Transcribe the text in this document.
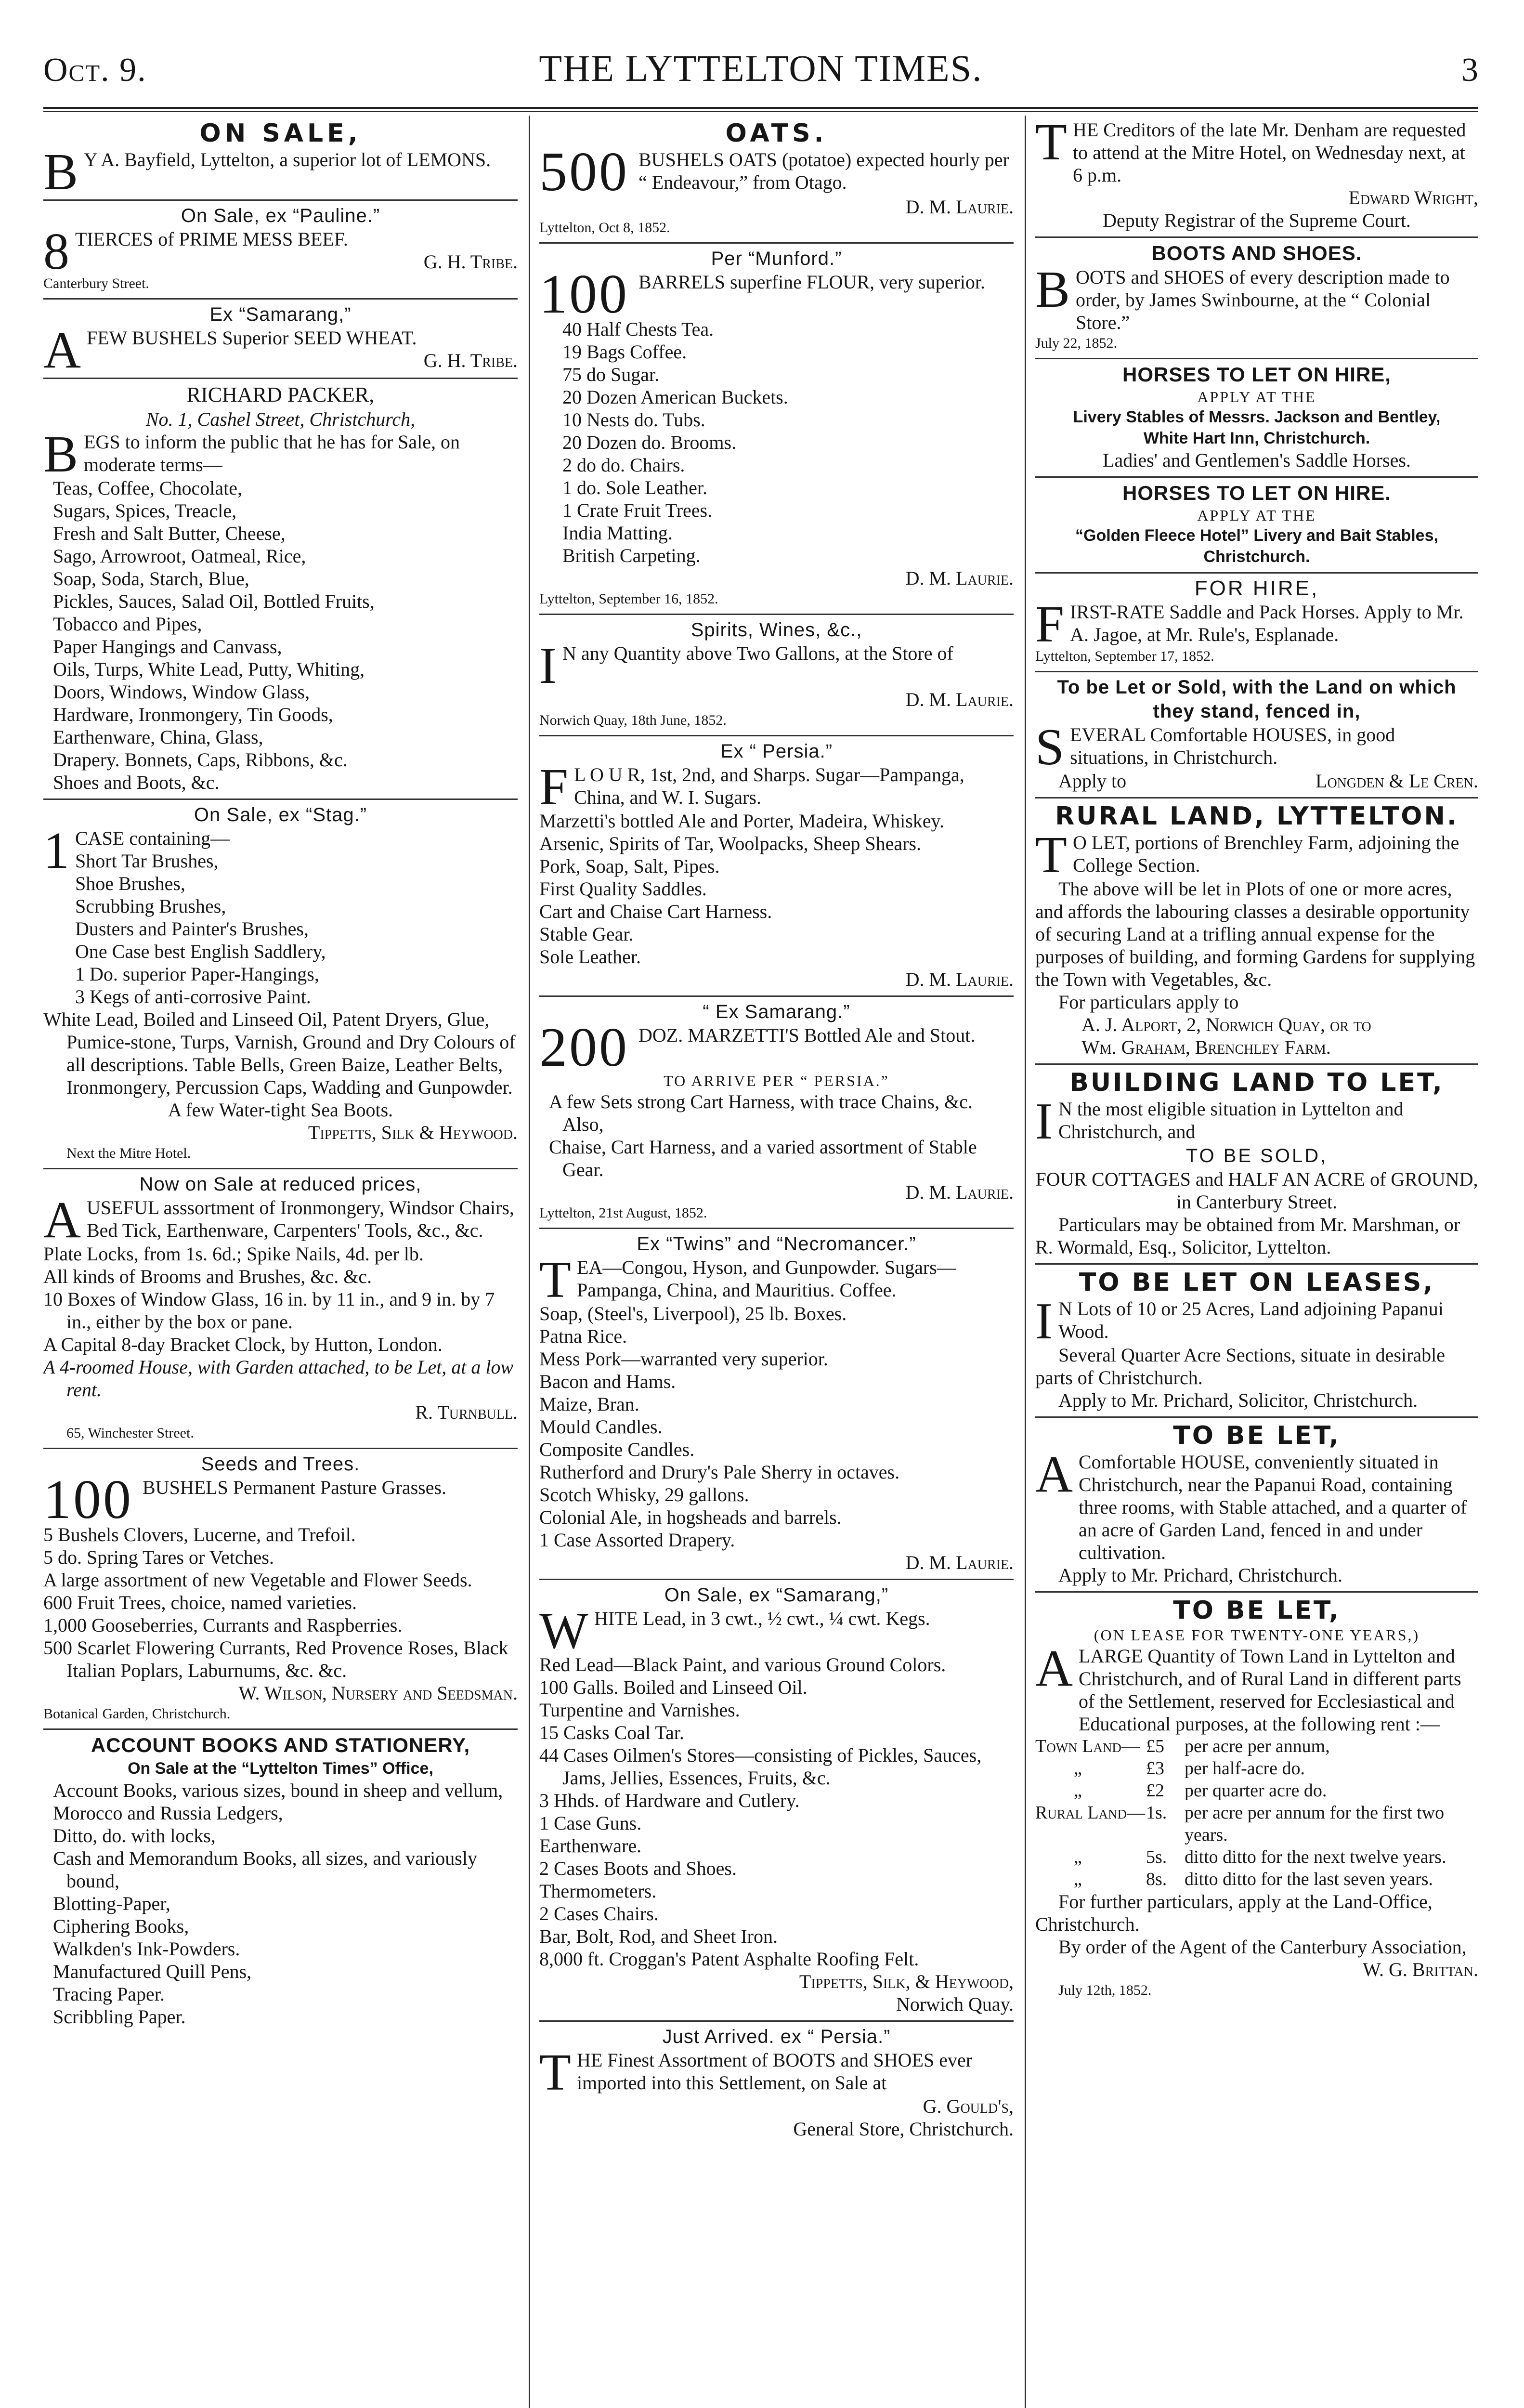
Oct. 9.	THE LYTTELTON TIMES.	3
ON SALE,
B Y A. Bayfield, Lyttelton, a superior lot of LEMONS.
On Sale, ex “Pauline.”
8 TIERCES of PRIME MESS BEEF.
G. H. Tribe.
Canterbury Street.
Ex “Samarang,”
A FEW BUSHELS Superior SEED WHEAT.
G. H. Tribe.
RICHARD PACKER,
No. 1, Cashel Street, Christchurch,
B EGS to inform the public that he has for Sale, on moderate terms—
Teas, Coffee, Chocolate,
Sugars, Spices, Treacle,
Fresh and Salt Butter, Cheese,
Sago, Arrowroot, Oatmeal, Rice,
Soap, Soda, Starch, Blue,
Pickles, Sauces, Salad Oil, Bottled Fruits,
Tobacco and Pipes,
Paper Hangings and Canvass,
Oils, Turps, White Lead, Putty, Whiting,
Doors, Windows, Window Glass,
Hardware, Ironmongery, Tin Goods,
Earthenware, China, Glass,
Drapery. Bonnets, Caps, Ribbons, &c.
Shoes and Boots, &c.
On Sale, ex “Stag.”
1 CASE containing—
Short Tar Brushes,
Shoe Brushes,
Scrubbing Brushes,
Dusters and Painter's Brushes,
One Case best English Saddlery,
1 Do. superior Paper-Hangings,
3 Kegs of anti-corrosive Paint.
White Lead, Boiled and Linseed Oil, Patent Dryers, Glue, Pumice-stone, Turps, Varnish, Ground and Dry Colours of all descriptions. Table Bells, Green Baize, Leather Belts, Ironmongery, Percussion Caps, Wadding and Gunpowder.
A few Water-tight Sea Boots.
Tippetts, Silk & Heywood.
Next the Mitre Hotel.
Now on Sale at reduced prices,
A USEFUL asssortment of Ironmongery, Windsor Chairs, Bed Tick, Earthenware, Carpenters' Tools, &c., &c.
Plate Locks, from 1s. 6d.; Spike Nails, 4d. per lb.
All kinds of Brooms and Brushes, &c. &c.
10 Boxes of Window Glass, 16 in. by 11 in., and 9 in. by 7 in., either by the box or pane.
A Capital 8-day Bracket Clock, by Hutton, London.
A 4-roomed House, with Garden attached, to be Let, at a low rent.
R. Turnbull.
65, Winchester Street.
Seeds and Trees.
100 BUSHELS Permanent Pasture Grasses.
5 Bushels Clovers, Lucerne, and Trefoil.
5 do. Spring Tares or Vetches.
A large assortment of new Vegetable and Flower Seeds.
600 Fruit Trees, choice, named varieties.
1,000 Gooseberries, Currants and Raspberries.
500 Scarlet Flowering Currants, Red Provence Roses, Black Italian Poplars, Laburnums, &c. &c.
W. Wilson, Nursery and Seedsman.
Botanical Garden, Christchurch.
ACCOUNT BOOKS AND STATIONERY,
On Sale at the “Lyttelton Times” Office,
Account Books, various sizes, bound in sheep and vellum,
Morocco and Russia Ledgers,
Ditto, do. with locks,
Cash and Memorandum Books, all sizes, and variously bound,
Blotting-Paper,
Ciphering Books,
Walkden's Ink-Powders.
Manufactured Quill Pens,
Tracing Paper.
Scribbling Paper.
OATS.
500 BUSHELS OATS (potatoe) expected hourly per “ Endeavour,” from Otago.
D. M. Laurie.
Lyttelton, Oct 8, 1852.
Per “Munford.”
100 BARRELS superfine FLOUR, very superior.
40 Half Chests Tea.
19 Bags Coffee.
75 do Sugar.
20 Dozen American Buckets.
10 Nests do. Tubs.
20 Dozen do. Brooms.
2 do do. Chairs.
1 do. Sole Leather.
1 Crate Fruit Trees.
India Matting.
British Carpeting.
D. M. Laurie.
Lyttelton, September 16, 1852.
Spirits, Wines, &c.,
I N any Quantity above Two Gallons, at the Store of
D. M. Laurie.
Norwich Quay, 18th June, 1852.
Ex “ Persia.”
F L O U R, 1st, 2nd, and Sharps. Sugar—Pampanga, China, and W. I. Sugars.
Marzetti's bottled Ale and Porter, Madeira, Whiskey.
Arsenic, Spirits of Tar, Woolpacks, Sheep Shears.
Pork, Soap, Salt, Pipes.
First Quality Saddles.
Cart and Chaise Cart Harness.
Stable Gear.
Sole Leather.
D. M. Laurie.
“ Ex Samarang.”
200 DOZ. MARZETTI'S Bottled Ale and Stout.
TO ARRIVE PER “ PERSIA.”
A few Sets strong Cart Harness, with trace Chains, &c. Also,
Chaise, Cart Harness, and a varied assortment of Stable Gear.
D. M. Laurie.
Lyttelton, 21st August, 1852.
Ex “Twins” and “Necromancer.”
T EA—Congou, Hyson, and Gunpowder. Sugars—Pampanga, China, and Mauritius. Coffee.
Soap, (Steel's, Liverpool), 25 lb. Boxes.
Patna Rice.
Mess Pork—warranted very superior.
Bacon and Hams.
Maize, Bran.
Mould Candles.
Composite Candles.
Rutherford and Drury's Pale Sherry in octaves.
Scotch Whisky, 29 gallons.
Colonial Ale, in hogsheads and barrels.
1 Case Assorted Drapery.
D. M. Laurie.
On Sale, ex “Samarang,”
W HITE Lead, in 3 cwt., ½ cwt., ¼ cwt. Kegs.
Red Lead—Black Paint, and various Ground Colors.
100 Galls. Boiled and Linseed Oil.
Turpentine and Varnishes.
15 Casks Coal Tar.
44 Cases Oilmen's Stores—consisting of Pickles, Sauces, Jams, Jellies, Essences, Fruits, &c.
3 Hhds. of Hardware and Cutlery.
1 Case Guns.
Earthenware.
2 Cases Boots and Shoes.
Thermometers.
2 Cases Chairs.
Bar, Bolt, Rod, and Sheet Iron.
8,000 ft. Croggan's Patent Asphalte Roofing Felt.
Tippetts, Silk, & Heywood,
Norwich Quay.
Just Arrived. ex “ Persia.”
T HE Finest Assortment of BOOTS and SHOES ever imported into this Settlement, on Sale at
G. Gould's,
General Store, Christchurch.
T HE Creditors of the late Mr. Denham are requested to attend at the Mitre Hotel, on Wednesday next, at 6 p.m.
Edward Wright,
Deputy Registrar of the Supreme Court.
BOOTS AND SHOES.
B OOTS and SHOES of every description made to order, by James Swinbourne, at the “ Colonial Store.”
July 22, 1852.
HORSES TO LET ON HIRE,
APPLY AT THE
Livery Stables of Messrs. Jackson and Bentley,
White Hart Inn, Christchurch.
Ladies' and Gentlemen's Saddle Horses.
HORSES TO LET ON HIRE.
APPLY AT THE
“Golden Fleece Hotel” Livery and Bait Stables,
Christchurch.
FOR HIRE,
F IRST-RATE Saddle and Pack Horses. Apply to Mr. A. Jagoe, at Mr. Rule's, Esplanade.
Lyttelton, September 17, 1852.
To be Let or Sold, with the Land on which they stand, fenced in,
S EVERAL Comfortable HOUSES, in good situations, in Christchurch.
Apply to	Longden & Le Cren.
RURAL LAND, LYTTELTON.
T O LET, portions of Brenchley Farm, adjoining the College Section.
The above will be let in Plots of one or more acres, and affords the labouring classes a desirable opportunity of securing Land at a trifling annual expense for the purposes of building, and forming Gardens for supplying the Town with Vegetables, &c.
For particulars apply to
A. J. Alport, 2, Norwich Quay, or to
Wm. Graham, Brenchley Farm.
BUILDING LAND TO LET,
I N the most eligible situation in Lyttelton and Christchurch, and
TO BE SOLD,
FOUR COTTAGES and HALF AN ACRE of GROUND, in Canterbury Street.
Particulars may be obtained from Mr. Marshman, or R. Wormald, Esq., Solicitor, Lyttelton.
TO BE LET ON LEASES,
I N Lots of 10 or 25 Acres, Land adjoining Papanui Wood.
Several Quarter Acre Sections, situate in desirable parts of Christchurch.
Apply to Mr. Prichard, Solicitor, Christchurch.
TO BE LET,
A Comfortable HOUSE, conveniently situated in Christchurch, near the Papanui Road, containing three rooms, with Stable attached, and a quarter of an acre of Garden Land, fenced in and under cultivation.
Apply to Mr. Prichard, Christchurch.
TO BE LET,
(ON LEASE FOR TWENTY-ONE YEARS,)
A LARGE Quantity of Town Land in Lyttelton and Christchurch, and of Rural Land in different parts of the Settlement, reserved for Ecclesiastical and Educational purposes, at the following rent :—
Town Land—	£5	per acre per annum,
„	£3	per half-acre do.
„	£2	per quarter acre do.
Rural Land—	1s.	per acre per annum for the first two years.
„	5s.	ditto ditto for the next twelve years.
„	8s.	ditto ditto for the last seven years.
For further particulars, apply at the Land-Office, Christchurch.
By order of the Agent of the Canterbury Association,
W. G. Brittan.
July 12th, 1852.
